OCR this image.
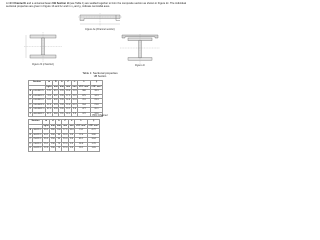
A 190 Channel E and a universal beam UB Section H (see Table 1) are welded together to form the composite section as shown in Figure 2c. The individual sectional properties are given in Figure 1b and 1c and in x₁ and y₁ indicate centroidal axes.
Figure 2a (Channel section)
Figure 2b (I-Section)	Figure 2c
Table 1: Sectional properties
UB Section
Section		m	D	b	tᶠ	tᵤ	Iₓ	Iᵧ
		kg/m	mm	mm	mm	mm	×10⁶ mm⁴	×10⁶ mm⁴
A	610UB125	125	612	229	19.6	11.9	986	39.3
B	610UB113	113	607	228	17.3	11.2	875	34.3
C	610UB101	101	602	228	14.8	10.6	761	29.3
D	530UB92.4	92.4	533	209	15.6	10.2	554	23.8
E	530UB82.0	82.0	528	209	13.2	9.6	477	20.1
F	460UB82.1	82.1	460	191	16.0	9.9	372	18.6
PFC Channel
Section		m	d	b	tᶠ	tᵤ	Iₓ	Iᵧ
		kg/m	mm	mm	mm	mm	×10⁶ mm⁴	×10⁶ mm⁴
A	380PFC	55.2	380	100	17.5	10.0	152	4.72
B	300PFC	40.1	300	90	16.0	8.0	72.4	3.80
C	250PFC	35.5	250	90	15.0	8.0	45.1	3.64
D	230PFC	25.1	230	75	12.0	6.5	26.8	1.76
E	200PFC	22.9	200	75	12.0	6.0	19.1	1.65
